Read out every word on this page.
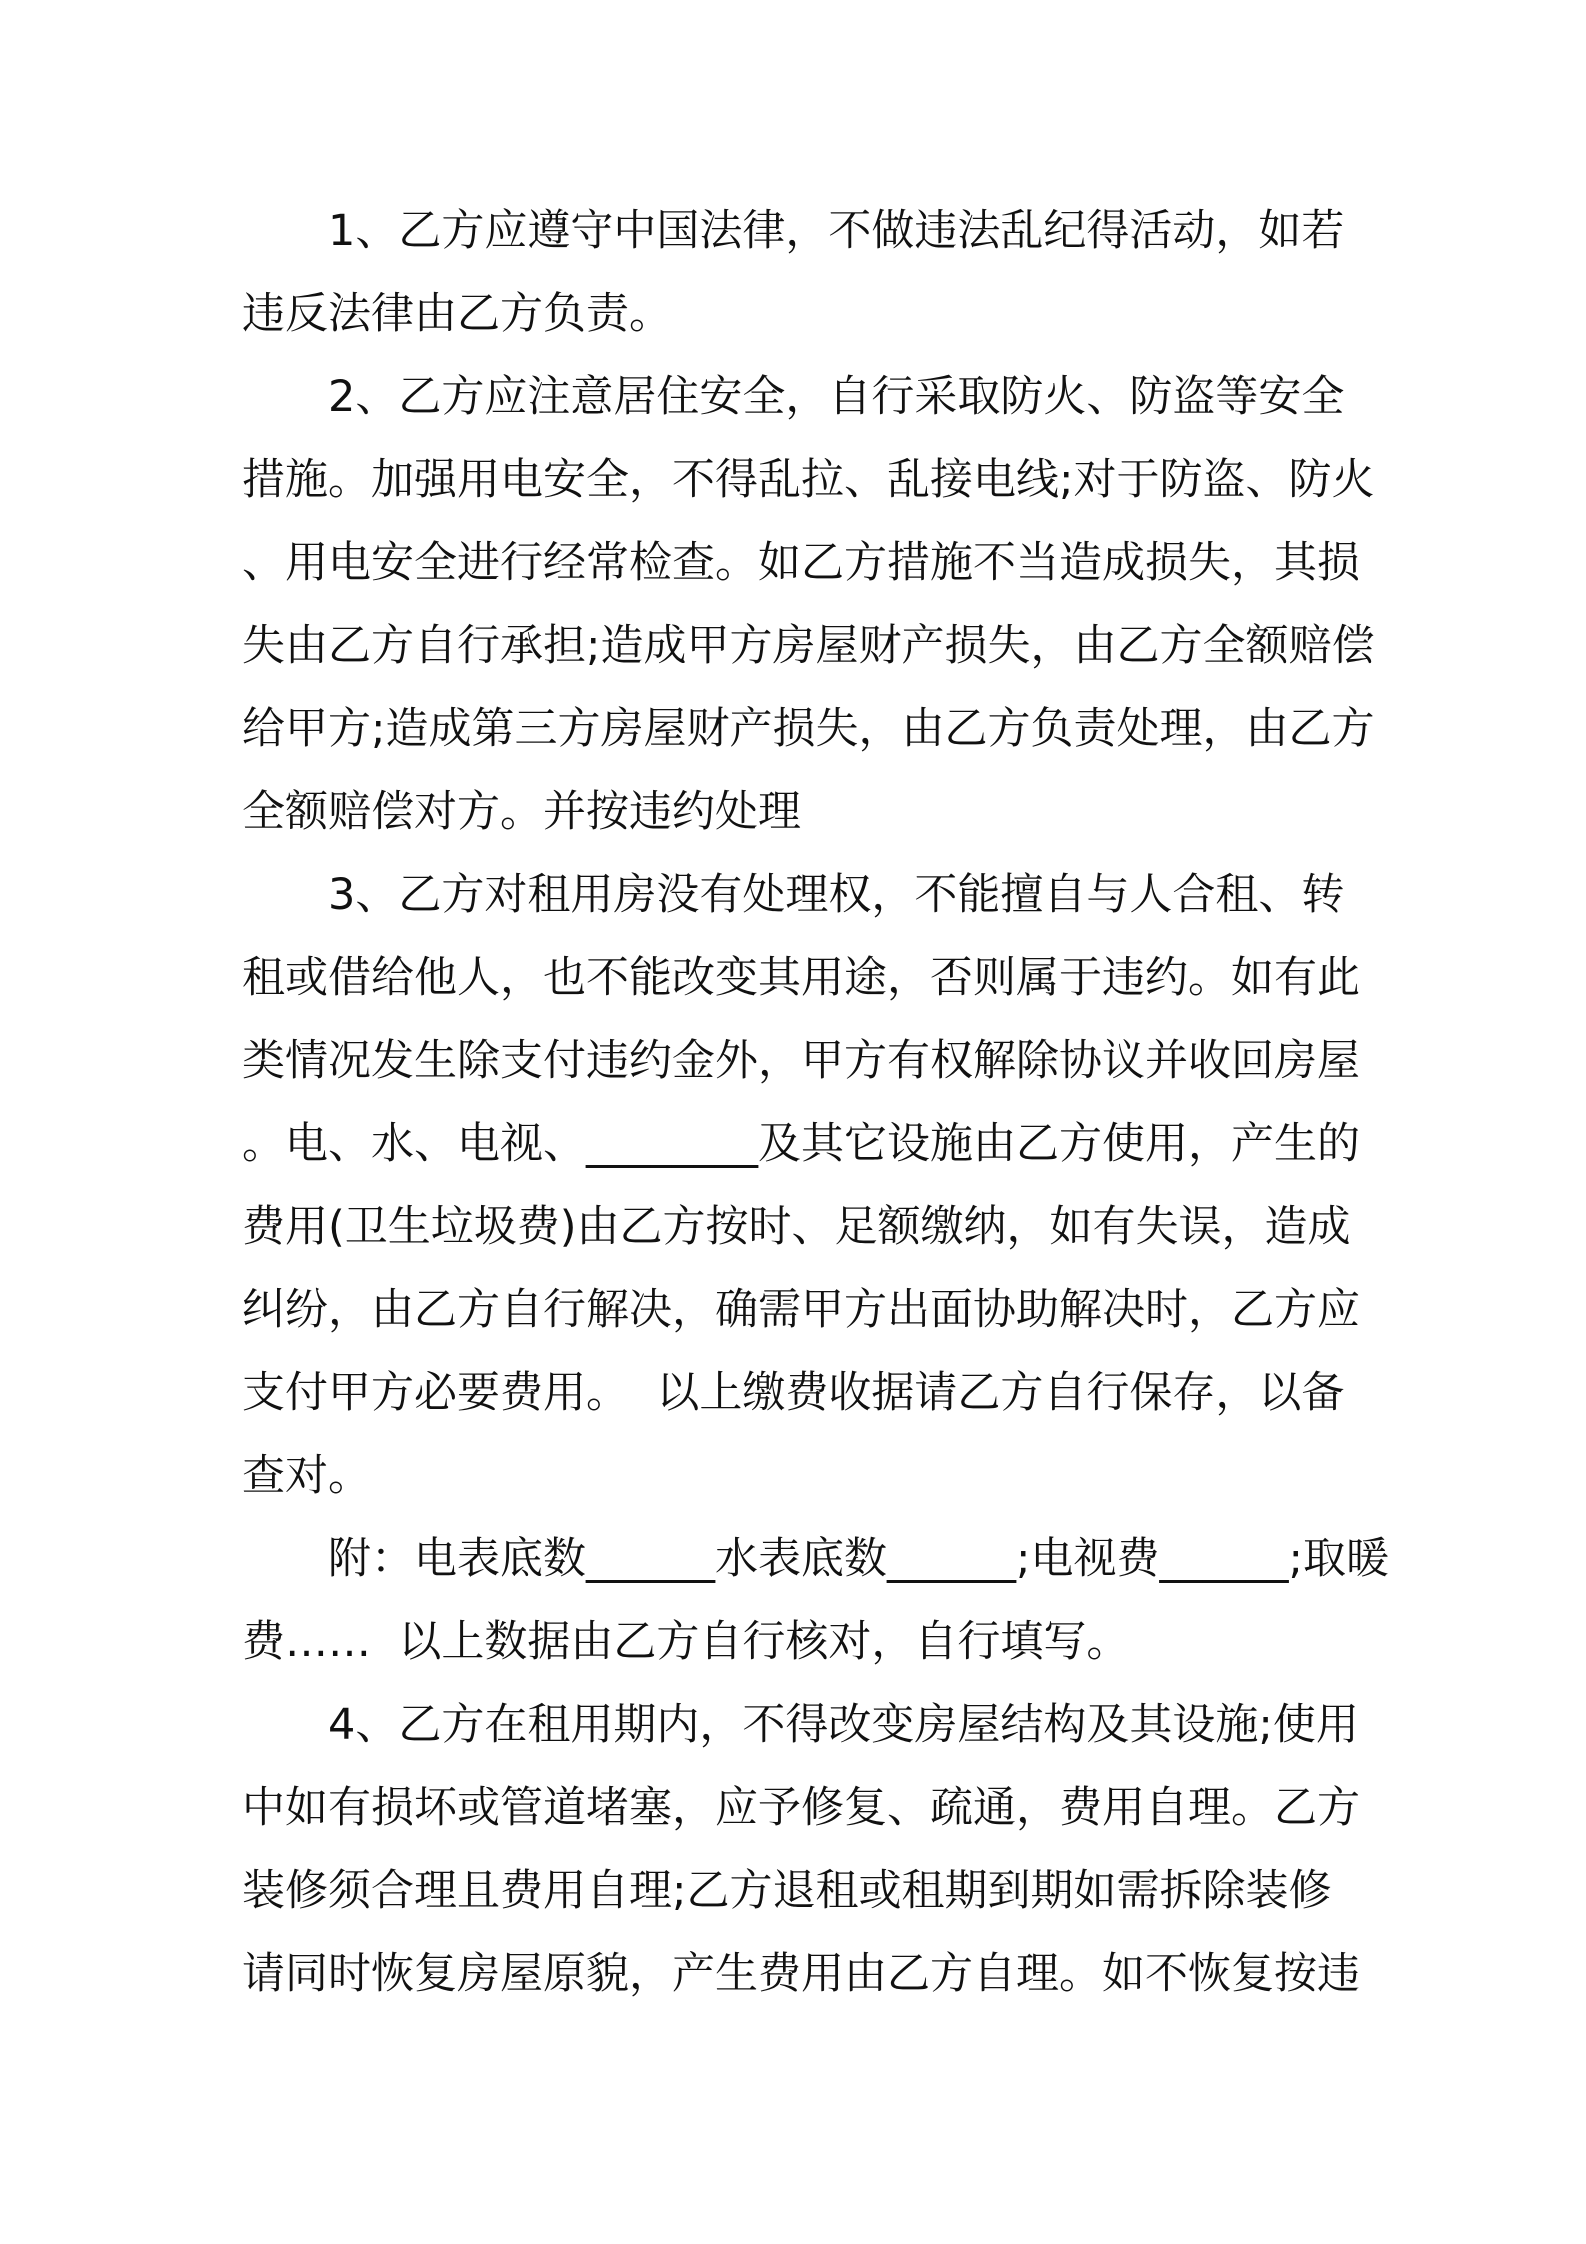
1、乙方应遵守中国法律，不做违法乱纪得活动，如若
违反法律由乙方负责。
2、乙方应注意居住安全，自行采取防火、防盗等安全
措施。加强用电安全，不得乱拉、乱接电线;对于防盗、防火
、用电安全进行经常检查。如乙方措施不当造成损失，其损
失由乙方自行承担;造成甲方房屋财产损失，由乙方全额赔偿
给甲方;造成第三方房屋财产损失，由乙方负责处理，由乙方
全额赔偿对方。并按违约处理
3、乙方对租用房没有处理权，不能擅自与人合租、转
租或借给他人，也不能改变其用途，否则属于违约。如有此
类情况发生除支付违约金外，甲方有权解除协议并收回房屋
。电、水、电视、________及其它设施由乙方使用，产生的
费用(卫生垃圾费)由乙方按时、足额缴纳，如有失误，造成
纠纷，由乙方自行解决，确需甲方出面协助解决时，乙方应
支付甲方必要费用。  以上缴费收据请乙方自行保存，以备
查对。
附：电表底数______水表底数______;电视费______;取暖
费……  以上数据由乙方自行核对，自行填写。
4、乙方在租用期内，不得改变房屋结构及其设施;使用
中如有损坏或管道堵塞，应予修复、疏通，费用自理。乙方
装修须合理且费用自理;乙方退租或租期到期如需拆除装修
请同时恢复房屋原貌，产生费用由乙方自理。如不恢复按违
